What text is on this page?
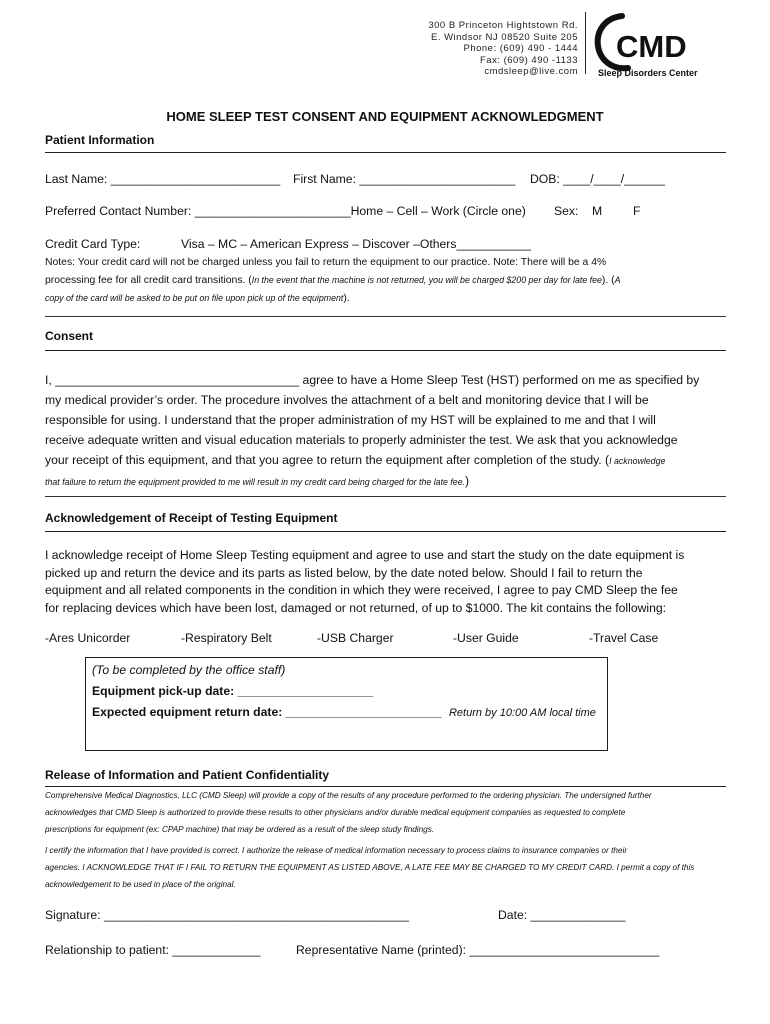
300 B Princeton Hightstown Rd.
E. Windsor NJ 08520 Suite 205
Phone: (609) 490 - 1444
Fax: (609) 490 -1133
cmdsleep@live.com
CMD
Sleep Disorders Center
HOME SLEEP TEST CONSENT AND EQUIPMENT ACKNOWLEDGMENT
Patient Information
Last Name: _________________________ First Name: _______________________ DOB: ____/____/______
Preferred Contact Number: _______________________Home – Cell – Work (Circle one) Sex: M	F
Credit Card Type:	Visa – MC – American Express – Discover –Others___________
Notes: Your credit card will not be charged unless you fail to return the equipment to our practice. Note: There will be a 4%
processing fee for all credit card transitions. (In the event that the machine is not returned, you will be charged $200 per day for late fee). (A
copy of the card will be asked to be put on file upon pick up of the equipment).
Consent
I, ____________________________________ agree to have a Home Sleep Test (HST) performed on me as specified by
my medical provider’s order. The procedure involves the attachment of a belt and monitoring device that I will be
responsible for using. I understand that the proper administration of my HST will be explained to me and that I will
receive adequate written and visual education materials to properly administer the test. We ask that you acknowledge
your receipt of this equipment, and that you agree to return the equipment after completion of the study. (I acknowledge
that failure to return the equipment provided to me will result in my credit card being charged for the late fee.)
Acknowledgement of Receipt of Testing Equipment
I acknowledge receipt of Home Sleep Testing equipment and agree to use and start the study on the date equipment is
picked up and return the device and its parts as listed below, by the date noted below. Should I fail to return the
equipment and all related components in the condition in which they were received, I agree to pay CMD Sleep the fee
for replacing devices which have been lost, damaged or not returned, of up to $1000. The kit contains the following:
-Ares Unicorder	-Respiratory Belt	-USB Charger	-User Guide	-Travel Case
(To be completed by the office staff)
Equipment pick-up date: ____________________
Expected equipment return date: _______________________ Return by 10:00 AM local time
Release of Information and Patient Confidentiality
Comprehensive Medical Diagnostics, LLC (CMD Sleep) will provide a copy of the results of any procedure performed to the ordering physician. The undersigned further
acknowledges that CMD Sleep is authorized to provide these results to other physicians and/or durable medical equipment companies as requested to complete
prescriptions for equipment (ex: CPAP machine) that may be ordered as a result of the sleep study findings.
I certify the information that I have provided is correct. I authorize the release of medical information necessary to process claims to insurance companies or their
agencies. I ACKNOWLEDGE THAT IF I FAIL TO RETURN THE EQUIPMENT AS LISTED ABOVE, A LATE FEE MAY BE CHARGED TO MY CREDIT CARD. I permit a copy of this
acknowledgement to be used in place of the original.
Signature: _____________________________________________	Date: ______________
Relationship to patient: _____________	Representative Name (printed): ____________________________
